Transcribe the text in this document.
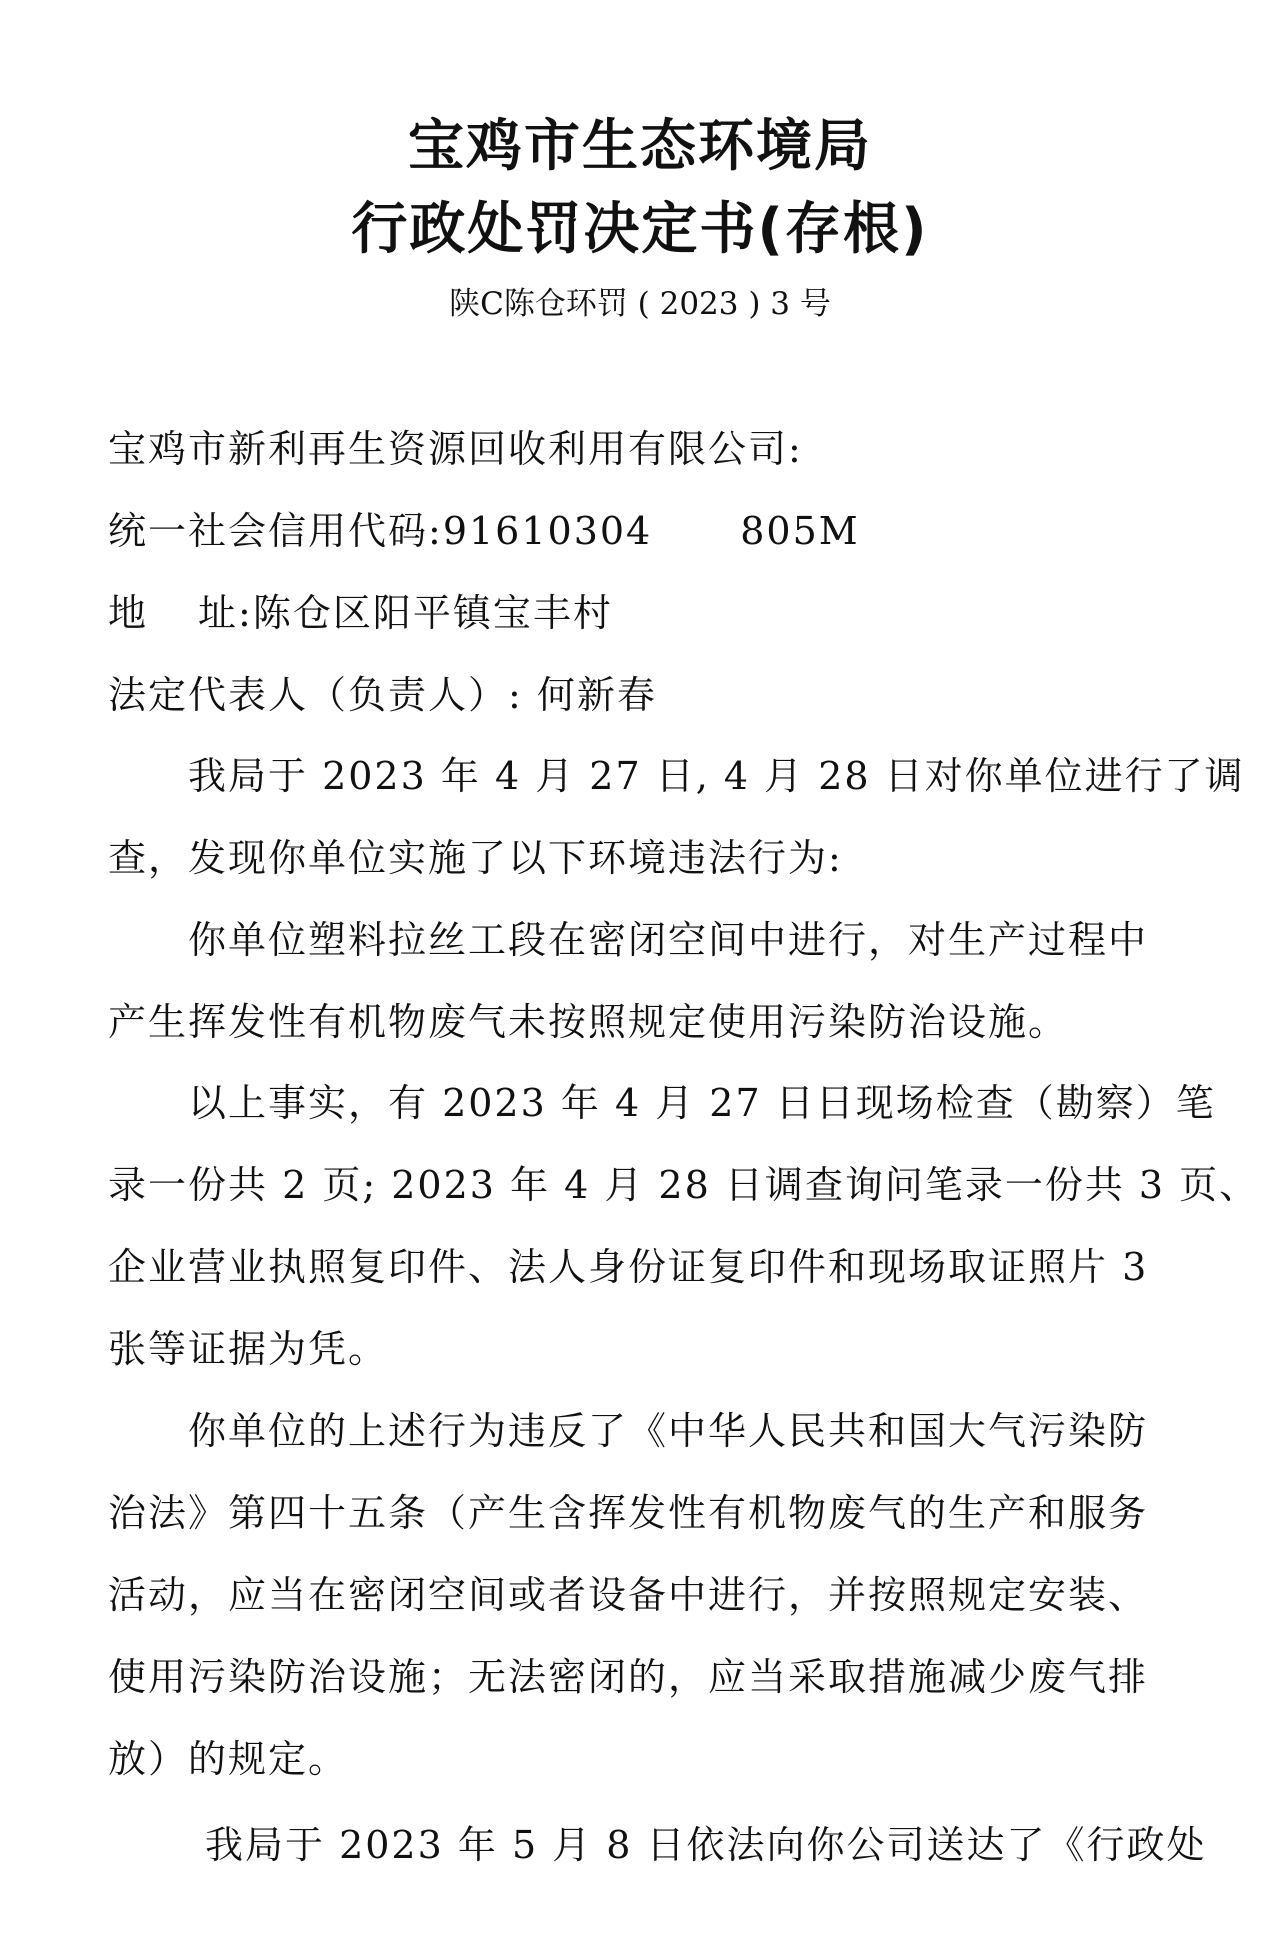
宝鸡市生态环境局
行政处罚决定书(存根)
陕C陈仓环罚 ( 2023 ) 3 号
宝鸡市新利再生资源回收利用有限公司:
统一社会信用代码:91610304 805M
地 址:陈仓区阳平镇宝丰村
法定代表人（负责人）: 何新春
我局于 2023 年 4 月 27 日, 4 月 28 日对你单位进行了调
查，发现你单位实施了以下环境违法行为:
你单位塑料拉丝工段在密闭空间中进行，对生产过程中
产生挥发性有机物废气未按照规定使用污染防治设施。
以上事实，有 2023 年 4 月 27 日日现场检查（勘察）笔
录一份共 2 页; 2023 年 4 月 28 日调查询问笔录一份共 3 页、
企业营业执照复印件、法人身份证复印件和现场取证照片 3
张等证据为凭。
你单位的上述行为违反了《中华人民共和国大气污染防
治法》第四十五条（产生含挥发性有机物废气的生产和服务
活动，应当在密闭空间或者设备中进行，并按照规定安装、
使用污染防治设施；无法密闭的，应当采取措施减少废气排
放）的规定。
我局于 2023 年 5 月 8 日依法向你公司送达了《行政处
